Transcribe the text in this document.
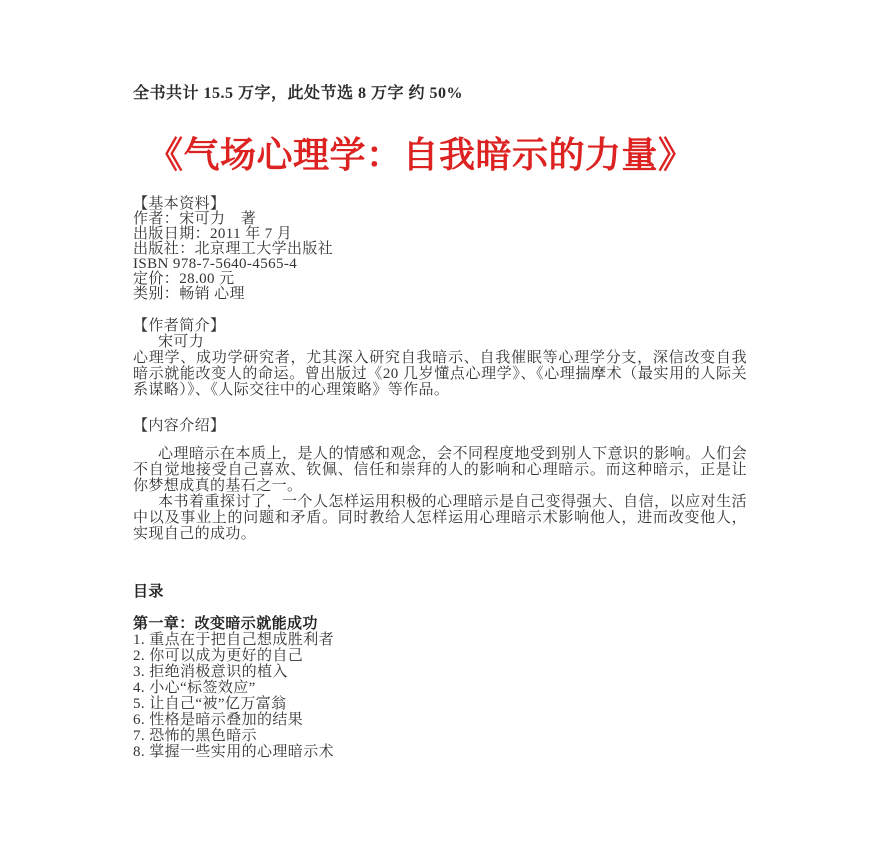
全书共计 15.5 万字，此处节选 8 万字 约 50%
《气场心理学：自我暗示的力量》
【基本资料】
作者：宋可力　著
出版日期：2011 年 7 月
出版社：北京理工大学出版社
ISBN 978-7-5640-4565-4
定价：28.00 元
类别：畅销 心理
【作者简介】
宋可力

心理学、成功学研究者，尤其深入研究自我暗示、自我催眠等心理学分支，深信改变自我暗示就能改变人的命运。曾出版过《20 几岁懂点心理学》、《心理揣摩术（最实用的人际关系谋略）》、《人际交往中的心理策略》等作品。

【内容介绍】

心理暗示在本质上，是人的情感和观念，会不同程度地受到别人下意识的影响。人们会不自觉地接受自己喜欢、钦佩、信任和崇拜的人的影响和心理暗示。而这种暗示，正是让你梦想成真的基石之一。

本书着重探讨了，一个人怎样运用积极的心理暗示是自己变得强大、自信，以应对生活中以及事业上的问题和矛盾。同时教给人怎样运用心理暗示术影响他人，进而改变他人，实现自己的成功。

目录
第一章：改变暗示就能成功
1. 重点在于把自己想成胜利者
2. 你可以成为更好的自己
3. 拒绝消极意识的植入
4. 小心“标签效应”
5. 让自己“被”亿万富翁
6. 性格是暗示叠加的结果
7. 恐怖的黑色暗示
8. 掌握一些实用的心理暗示术
